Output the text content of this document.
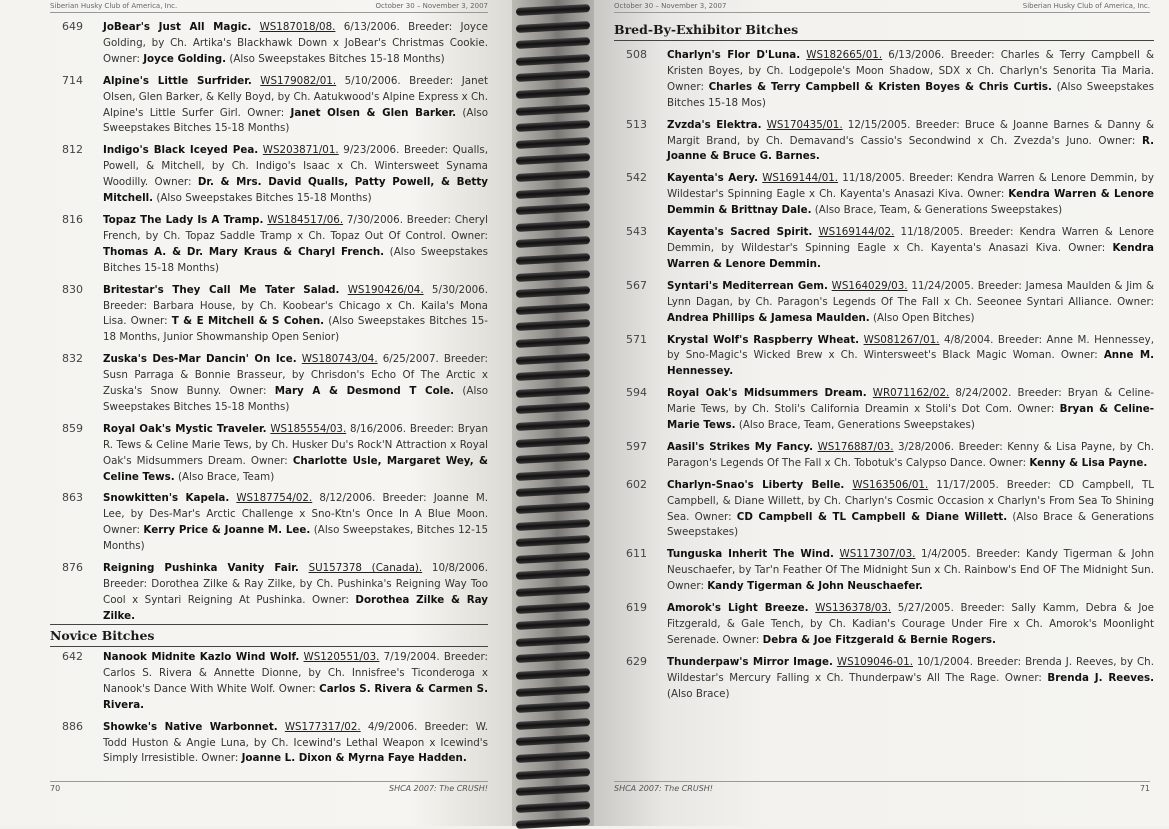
Siberian Husky Club of America, Inc.	October 30 – November 3, 2007
649 JoBear's Just All Magic. WS187018/08. 6/13/2006. Breeder: Joyce Golding, by Ch. Artika's Blackhawk Down x JoBear's Christmas Cookie. Owner: Joyce Golding. (Also Sweepstakes Bitches 15-18 Months)
714 Alpine's Little Surfrider. WS179082/01. 5/10/2006. Breeder: Janet Olsen, Glen Barker, & Kelly Boyd, by Ch. Aatukwood's Alpine Express x Ch. Alpine's Little Surfer Girl. Owner: Janet Olsen & Glen Barker. (Also Sweepstakes Bitches 15-18 Months)
812 Indigo's Black Iceyed Pea. WS203871/01. 9/23/2006. Breeder: Qualls, Powell, & Mitchell, by Ch. Indigo's Isaac x Ch. Wintersweet Synama Woodilly. Owner: Dr. & Mrs. David Qualls, Patty Powell, & Betty Mitchell. (Also Sweepstakes Bitches 15-18 Months)
816 Topaz The Lady Is A Tramp. WS184517/06. 7/30/2006. Breeder: Cheryl French, by Ch. Topaz Saddle Tramp x Ch. Topaz Out Of Control. Owner: Thomas A. & Dr. Mary Kraus & Charyl French. (Also Sweepstakes Bitches 15-18 Months)
830 Britestar's They Call Me Tater Salad. WS190426/04. 5/30/2006. Breeder: Barbara House, by Ch. Koobear's Chicago x Ch. Kaila's Mona Lisa. Owner: T & E Mitchell & S Cohen. (Also Sweepstakes Bitches 15-18 Months, Junior Showmanship Open Senior)
832 Zuska's Des-Mar Dancin' On Ice. WS180743/04. 6/25/2007. Breeder: Susn Parraga & Bonnie Brasseur, by Chrisdon's Echo Of The Arctic x Zuska's Snow Bunny. Owner: Mary A & Desmond T Cole. (Also Sweepstakes Bitches 15-18 Months)
859 Royal Oak's Mystic Traveler. WS185554/03. 8/16/2006. Breeder: Bryan R. Tews & Celine Marie Tews, by Ch. Husker Du's Rock'N Attraction x Royal Oak's Midsummers Dream. Owner: Charlotte Usle, Margaret Wey, & Celine Tews. (Also Brace, Team)
863 Snowkitten's Kapela. WS187754/02. 8/12/2006. Breeder: Joanne M. Lee, by Des-Mar's Arctic Challenge x Sno-Ktn's Once In A Blue Moon. Owner: Kerry Price & Joanne M. Lee. (Also Sweepstakes, Bitches 12-15 Months)
876 Reigning Pushinka Vanity Fair. SU157378 (Canada). 10/8/2006. Breeder: Dorothea Zilke & Ray Zilke, by Ch. Pushinka's Reigning Way Too Cool x Syntari Reigning At Pushinka. Owner: Dorothea Zilke & Ray Zilke.
Novice Bitches
642 Nanook Midnite Kazlo Wind Wolf. WS120551/03. 7/19/2004. Breeder: Carlos S. Rivera & Annette Dionne, by Ch. Innisfree's Ticonderoga x Nanook's Dance With White Wolf. Owner: Carlos S. Rivera & Carmen S. Rivera.
886 Showke's Native Warbonnet. WS177317/02. 4/9/2006. Breeder: W. Todd Huston & Angie Luna, by Ch. Icewind's Lethal Weapon x Icewind's Simply Irresistible. Owner: Joanne L. Dixon & Myrna Faye Hadden.
70	SHCA 2007: The CRUSH!
October 30 – November 3, 2007	Siberian Husky Club of America, Inc.
Bred-By-Exhibitor Bitches
508 Charlyn's Flor D'Luna. WS182665/01. 6/13/2006. Breeder: Charles & Terry Campbell & Kristen Boyes, by Ch. Lodgepole's Moon Shadow, SDX x Ch. Charlyn's Senorita Tia Maria. Owner: Charles & Terry Campbell & Kristen Boyes & Chris Curtis. (Also Sweepstakes Bitches 15-18 Mos)
513 Zvzda's Elektra. WS170435/01. 12/15/2005. Breeder: Bruce & Joanne Barnes & Danny & Margit Brand, by Ch. Demavand's Cassio's Secondwind x Ch. Zvezda's Juno. Owner: R. Joanne & Bruce G. Barnes.
542 Kayenta's Aery. WS169144/01. 11/18/2005. Breeder: Kendra Warren & Lenore Demmin, by Wildestar's Spinning Eagle x Ch. Kayenta's Anasazi Kiva. Owner: Kendra Warren & Lenore Demmin & Brittnay Dale. (Also Brace, Team, & Generations Sweepstakes)
543 Kayenta's Sacred Spirit. WS169144/02. 11/18/2005. Breeder: Kendra Warren & Lenore Demmin, by Wildestar's Spinning Eagle x Ch. Kayenta's Anasazi Kiva. Owner: Kendra Warren & Lenore Demmin.
567 Syntari's Mediterrean Gem. WS164029/03. 11/24/2005. Breeder: Jamesa Maulden & Jim & Lynn Dagan, by Ch. Paragon's Legends Of The Fall x Ch. Seeonee Syntari Alliance. Owner: Andrea Phillips & Jamesa Maulden. (Also Open Bitches)
571 Krystal Wolf's Raspberry Wheat. WS081267/01. 4/8/2004. Breeder: Anne M. Hennessey, by Sno-Magic's Wicked Brew x Ch. Wintersweet's Black Magic Woman. Owner: Anne M. Hennessey.
594 Royal Oak's Midsummers Dream. WR071162/02. 8/24/2002. Breeder: Bryan & Celine-Marie Tews, by Ch. Stoli's California Dreamin x Stoli's Dot Com. Owner: Bryan & Celine-Marie Tews. (Also Brace, Team, Generations Sweepstakes)
597 Aasil's Strikes My Fancy. WS176887/03. 3/28/2006. Breeder: Kenny & Lisa Payne, by Ch. Paragon's Legends Of The Fall x Ch. Tobotuk's Calypso Dance. Owner: Kenny & Lisa Payne.
602 Charlyn-Snao's Liberty Belle. WS163506/01. 11/17/2005. Breeder: CD Campbell, TL Campbell, & Diane Willett, by Ch. Charlyn's Cosmic Occasion x Charlyn's From Sea To Shining Sea. Owner: CD Campbell & TL Campbell & Diane Willett. (Also Brace & Generations Sweepstakes)
611 Tunguska Inherit The Wind. WS117307/03. 1/4/2005. Breeder: Kandy Tigerman & John Neuschaefer, by Tar'n Feather Of The Midnight Sun x Ch. Rainbow's End OF The Midnight Sun. Owner: Kandy Tigerman & John Neuschaefer.
619 Amorok's Light Breeze. WS136378/03. 5/27/2005. Breeder: Sally Kamm, Debra & Joe Fitzgerald, & Gale Tench, by Ch. Kadian's Courage Under Fire x Ch. Amorok's Moonlight Serenade. Owner: Debra & Joe Fitzgerald & Bernie Rogers.
629 Thunderpaw's Mirror Image. WS109046-01. 10/1/2004. Breeder: Brenda J. Reeves, by Ch. Wildestar's Mercury Falling x Ch. Thunderpaw's All The Rage. Owner: Brenda J. Reeves. (Also Brace)
SHCA 2007: The CRUSH!	71
